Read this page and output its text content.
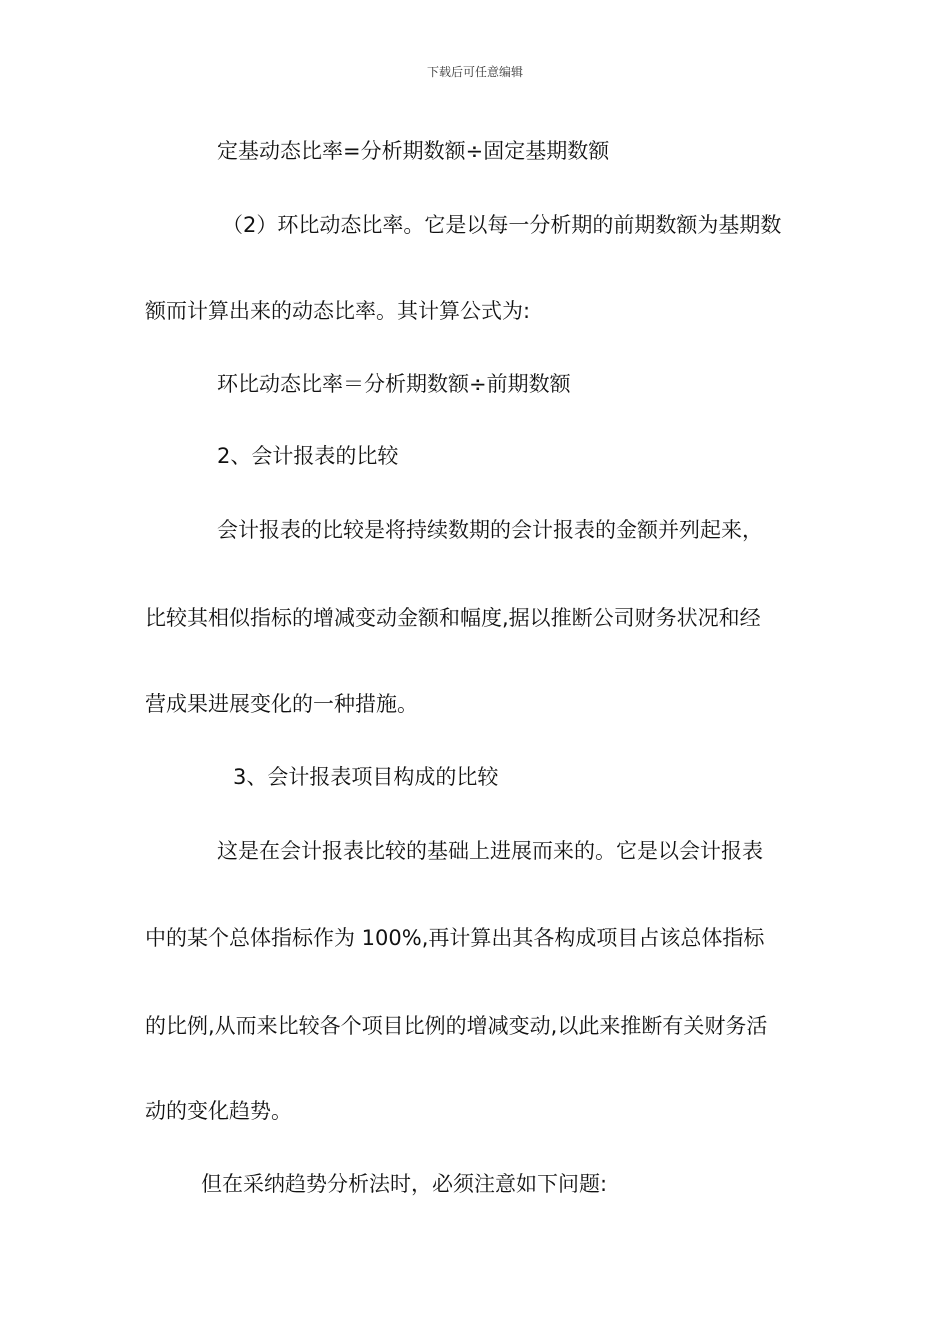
下载后可任意编辑
定基动态比率=分析期数额÷固定基期数额
（2）环比动态比率。它是以每一分析期的前期数额为基期数
额而计算出来的动态比率。其计算公式为:
环比动态比率＝分析期数额÷前期数额
2、会计报表的比较
会计报表的比较是将持续数期的会计报表的金额并列起来，
比较其相似指标的增减变动金额和幅度,据以推断公司财务状况和经
营成果进展变化的一种措施。
3、会计报表项目构成的比较
这是在会计报表比较的基础上进展而来的。它是以会计报表
中的某个总体指标作为 100%,再计算出其各构成项目占该总体指标
的比例,从而来比较各个项目比例的增减变动,以此来推断有关财务活
动的变化趋势。
但在采纳趋势分析法时，必须注意如下问题:
